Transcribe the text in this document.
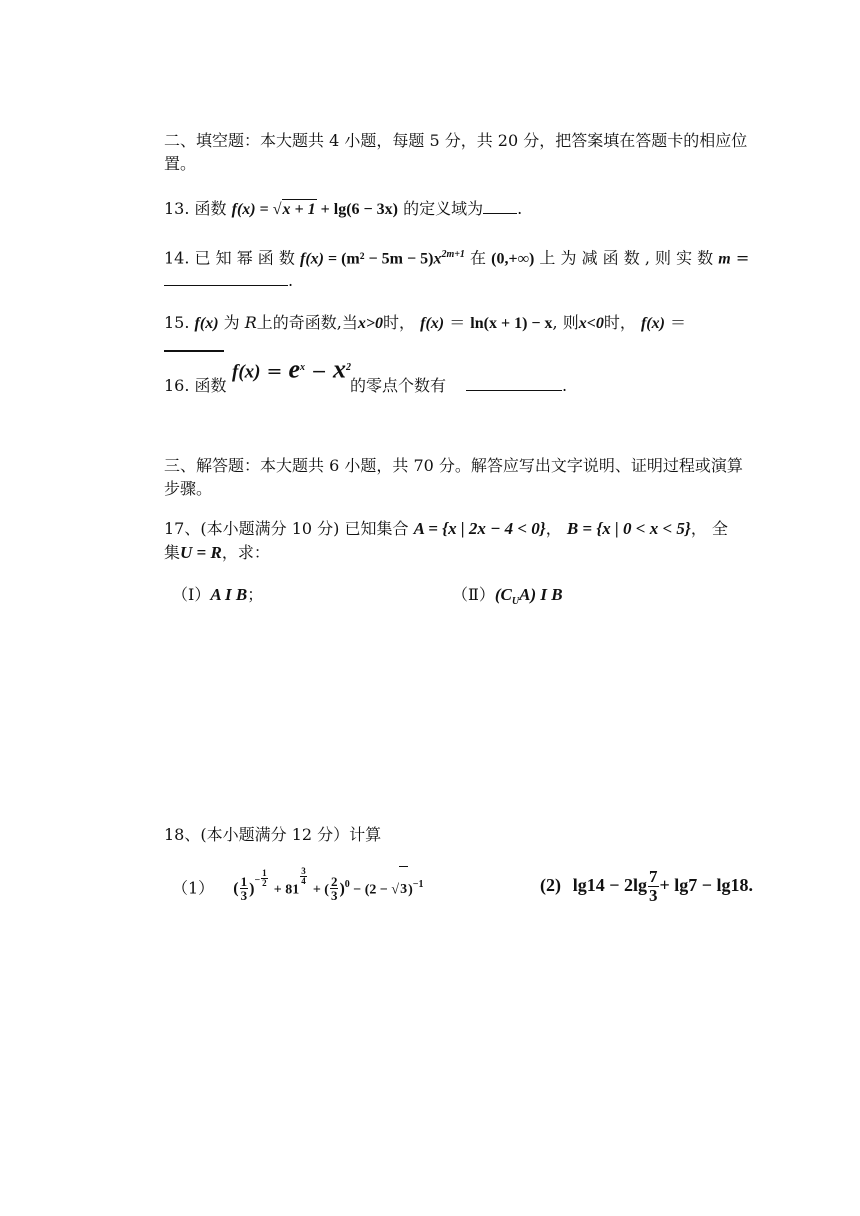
二、填空题：本大题共 4 小题，每题 5 分，共 20 分，把答案填在答题卡的相应位
置。
13. 函数 f(x) = √x + 1 + lg(6 − 3x) 的定义域为 .
14. 已 知 幂 函 数 $f(x) = (m^2 - 5m - 5)x^{2m+1}$ 在 (0,+∞) 上 为 减 函 数 , 则 实 数 m =
.
15. f(x) 为 R上的奇函数,当x>0时， f(x) ＝ ln(x + 1) − x, 则x<0时， f(x) ＝
16. 函数
$f(x) = e^x - x^2$
的零点个数有	.
三、解答题：本大题共 6 小题，共 70 分。解答应写出文字说明、证明过程或演算
步骤。
17、(本小题满分 10 分) 已知集合 A = {x | 2x − 4 < 0}， B = {x | 0 < x < 5}， 全
集U = R，求：
（Ⅰ）A I B；	$(Ⅱ)(C_UA)$ I B
18、(本小题满分 12 分）计算
（1） ( $\frac{1}{3} )^- \frac{1}{2}$
+ 81
$\frac{3}{4}$
+ ( $\frac{2}{3} )^0 - (2 - √3)^{-1}$	(2) $\lg 14 - 2\lg \frac{7}{3} + \lg 7 - \lg 18$.
